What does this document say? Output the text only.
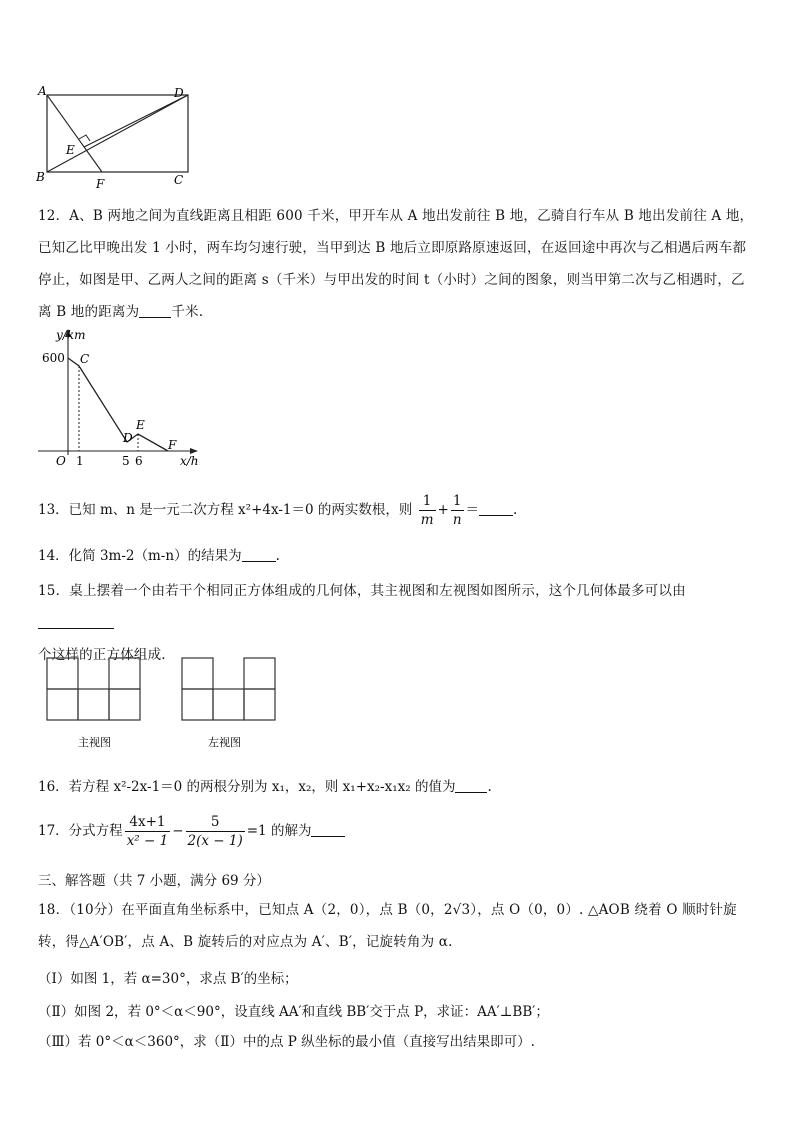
A
B	C
D
E
F
12．A、B 两地之间为直线距离且相距 600 千米，甲开车从 A 地出发前往 B 地，乙骑自行车从 B 地出发前往 A 地，已知乙比甲晚出发 1 小时，两车均匀速行驶，当甲到达 B 地后立即原路原速返回，在返回途中再次与乙相遇后两车都停止，如图是甲、乙两人之间的距离 s（千米）与甲出发的时间 t（小时）之间的图象，则当甲第二次与乙相遇时，乙离 B 地的距离为 千米.
y/km
x/h
O
600
1	5 6
C
D
E
F
13．已知 m、n 是一元二次方程 x²+4x-1＝0 的两实数根，则 $\frac{1}{m} + \frac{1}{n}$ ＝	.
14．化简 3m-2（m-n）的结果为	.
15．桌上摆着一个由若干个相同正方体组成的几何体，其主视图和左视图如图所示，这个几何体最多可以由
个这样的正方体组成.
主视图	左视图
16．若方程 x²-2x-1＝0 的两根分别为 x₁，x₂，则 x₁+x₂-x₁x₂ 的值为 .
17．分式方程 $\frac{4x+1}{\text{x² − 1}} - \frac{5}{2(x - 1)} =1$ 的解为
三、解答题（共 7 小题，满分 69 分）
18．（10分）在平面直角坐标系中，已知点 A（2，0），点 B（0，2√3），点 O（0，0）. △AOB 绕着 O 顺时针旋转，得△A′OB′，点 A、B 旋转后的对应点为 A′、B′，记旋转角为 α.
（I）如图 1，若 α=30°，求点 B′的坐标；
（Ⅱ）如图 2，若 0°＜α＜90°，设直线 AA′和直线 BB′交于点 P，求证：AA′⊥BB′；
（Ⅲ）若 0°＜α＜360°，求（Ⅱ）中的点 P 纵坐标的最小值（直接写出结果即可）.
